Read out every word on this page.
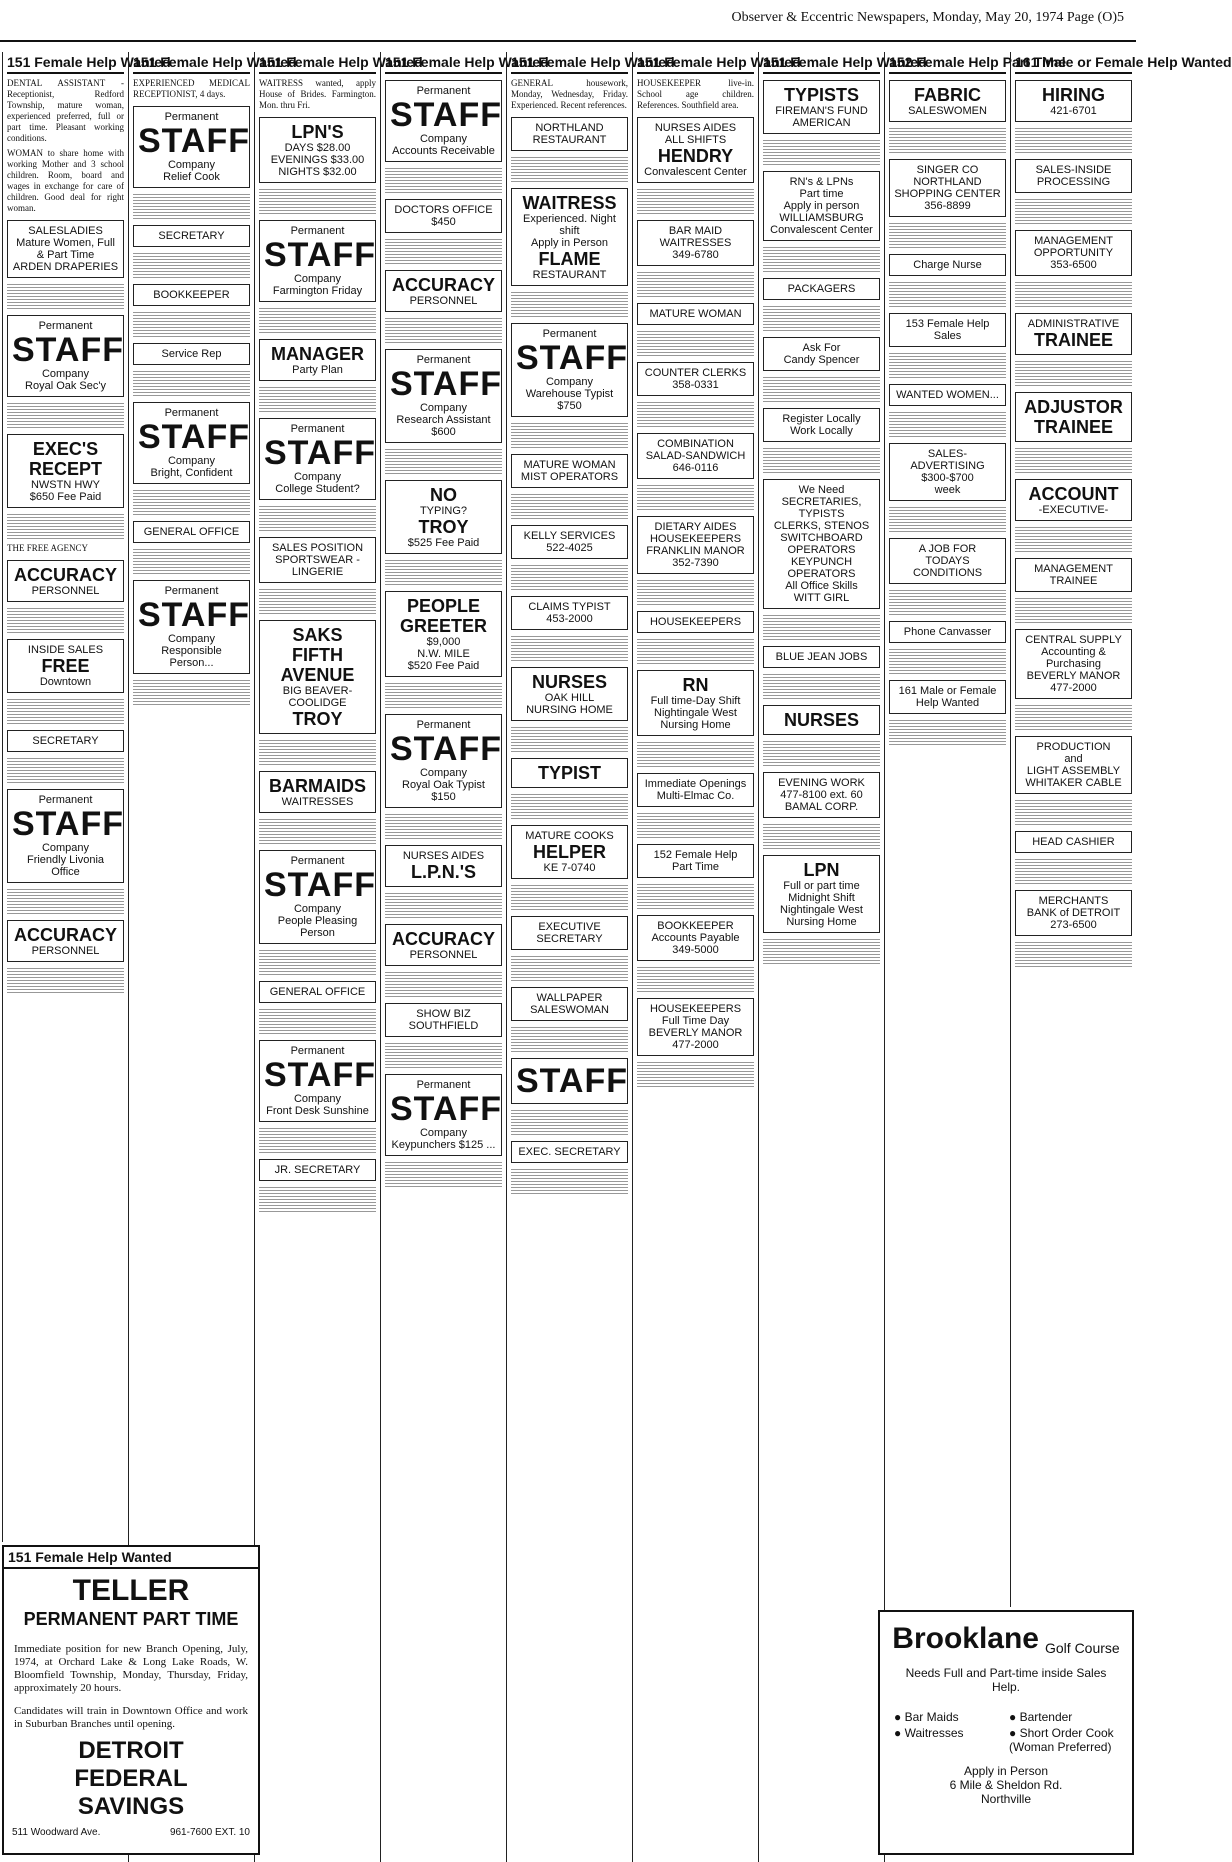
Observer & Eccentric Newspapers, Monday, May 20, 1974 Page (O)5
151 Female Help Wanted
DENTAL ASSISTANT - Receptionist, Redford Township, mature woman, experienced preferred, full or part time. Pleasant working conditions.
WOMAN to share home with working Mother and 3 school children. Room, board and wages in exchange for care of children. Good deal for right woman.
SALESLADIES
Mature Women, Full & Part Time
ARDEN DRAPERIES
Permanent
STAFF
Company
Royal Oak Sec'y
EXEC'S
RECEPT
NWSTN HWY
$650 Fee Paid
THE FREE AGENCY
ACCURACY
PERSONNEL
INSIDE SALES
FREE
Downtown
SECRETARY
Permanent
STAFF
Company
Friendly Livonia Office
ACCURACY
PERSONNEL
151 Female Help Wanted
EXPERIENCED MEDICAL RECEPTIONIST, 4 days.
Permanent
STAFF
Company
Relief Cook
SECRETARY
BOOKKEEPER
Service Rep
Permanent
STAFF
Company
Bright, Confident
GENERAL OFFICE
Permanent
STAFF
Company
Responsible Person...
151 Female Help Wanted
WAITRESS wanted, apply House of Brides. Farmington. Mon. thru Fri.
LPN'S
DAYS $28.00
EVENINGS $33.00
NIGHTS $32.00
Permanent
STAFF
Company
Farmington Friday
MANAGER
Party Plan
Permanent
STAFF
Company
College Student?
SALES POSITION
SPORTSWEAR - LINGERIE
SAKS
FIFTH
AVENUE
BIG BEAVER-COOLIDGE
TROY
BARMAIDS
WAITRESSES
Permanent
STAFF
Company
People Pleasing Person
GENERAL OFFICE
Permanent
STAFF
Company
Front Desk Sunshine
JR. SECRETARY
151 Female Help Wanted
Permanent
STAFF
Company
Accounts Receivable
DOCTORS OFFICE
$450
ACCURACY
PERSONNEL
Permanent
STAFF
Company
Research Assistant $600
NO
TYPING?
TROY
$525 Fee Paid
PEOPLE
GREETER
$9,000
N.W. MILE
$520 Fee Paid
Permanent
STAFF
Company
Royal Oak Typist $150
NURSES AIDES
L.P.N.'S
ACCURACY
PERSONNEL
SHOW BIZ
SOUTHFIELD
Permanent
STAFF
Company
Keypunchers $125 ...
151 Female Help Wanted
GENERAL housework, Monday, Wednesday, Friday. Experienced. Recent references.
NORTHLAND
RESTAURANT
WAITRESS
Experienced. Night shift
Apply in Person
FLAME
RESTAURANT
Permanent
STAFF
Company
Warehouse Typist $750
MATURE WOMAN
MIST OPERATORS
KELLY SERVICES
522-4025
CLAIMS TYPIST
453-2000
NURSES
OAK HILL
NURSING HOME
TYPIST
MATURE COOKS
HELPER
KE 7-0740
EXECUTIVE SECRETARY
WALLPAPER
SALESWOMAN
STAFF
EXEC. SECRETARY
151 Female Help Wanted
HOUSEKEEPER live-in. School age children. References. Southfield area.
NURSES AIDES
ALL SHIFTS
HENDRY
Convalescent Center
BAR MAID
WAITRESSES
349-6780
MATURE WOMAN
COUNTER CLERKS
358-0331
COMBINATION
SALAD-SANDWICH
646-0116
DIETARY AIDES
HOUSEKEEPERS
FRANKLIN MANOR
352-7390
HOUSEKEEPERS
RN
Full time-Day Shift
Nightingale West
Nursing Home
Immediate Openings
Multi-Elmac Co.
152 Female Help
Part Time
BOOKKEEPER
Accounts Payable
349-5000
HOUSEKEEPERS
Full Time Day
BEVERLY MANOR
477-2000
151 Female Help Wanted
TYPISTS
FIREMAN'S FUND AMERICAN
RN's & LPNs
Part time
Apply in person
WILLIAMSBURG
Convalescent Center
PACKAGERS
Ask For
Candy Spencer
Register Locally
Work Locally
We Need
SECRETARIES, TYPISTS
CLERKS, STENOS
SWITCHBOARD OPERATORS
KEYPUNCH OPERATORS
All Office Skills
WITT GIRL
BLUE JEAN JOBS
NURSES
EVENING WORK
477-8100 ext. 60
BAMAL CORP.
LPN
Full or part time
Midnight Shift
Nightingale West
Nursing Home
152 Female Help Part Time
FABRIC
SALESWOMEN
SINGER CO
NORTHLAND
SHOPPING CENTER
356-8899
Charge Nurse
153 Female Help Sales
WANTED WOMEN...
SALES-ADVERTISING
$300-$700
week
A JOB FOR
TODAYS CONDITIONS
Phone Canvasser
161 Male or Female Help Wanted
161 Male or Female Help Wanted
HIRING
421-6701
SALES-INSIDE
PROCESSING
MANAGEMENT
OPPORTUNITY
353-6500
ADMINISTRATIVE
TRAINEE
ADJUSTOR
TRAINEE
ACCOUNT
-EXECUTIVE-
MANAGEMENT TRAINEE
CENTRAL SUPPLY
Accounting &
Purchasing
BEVERLY MANOR
477-2000
PRODUCTION
and
LIGHT ASSEMBLY
WHITAKER CABLE
HEAD CASHIER
MERCHANTS
BANK of DETROIT
273-6500
151 Female Help Wanted
TELLER
PERMANENT PART TIME
Immediate position for new Branch Opening, July, 1974, at Orchard Lake & Long Lake Roads, W. Bloomfield Township, Monday, Thursday, Friday, approximately 20 hours.
Candidates will train in Downtown Office and work in Suburban Branches until opening.
DETROIT
FEDERAL
SAVINGS
511 Woodward Ave.	961-7600 EXT. 10
Brooklane Golf Course
Needs Full and Part-time inside Sales Help.
● Bar Maids	● Bartender
● Waitresses	● Short Order Cook (Woman Preferred)
Apply in Person
6 Mile & Sheldon Rd.
Northville
